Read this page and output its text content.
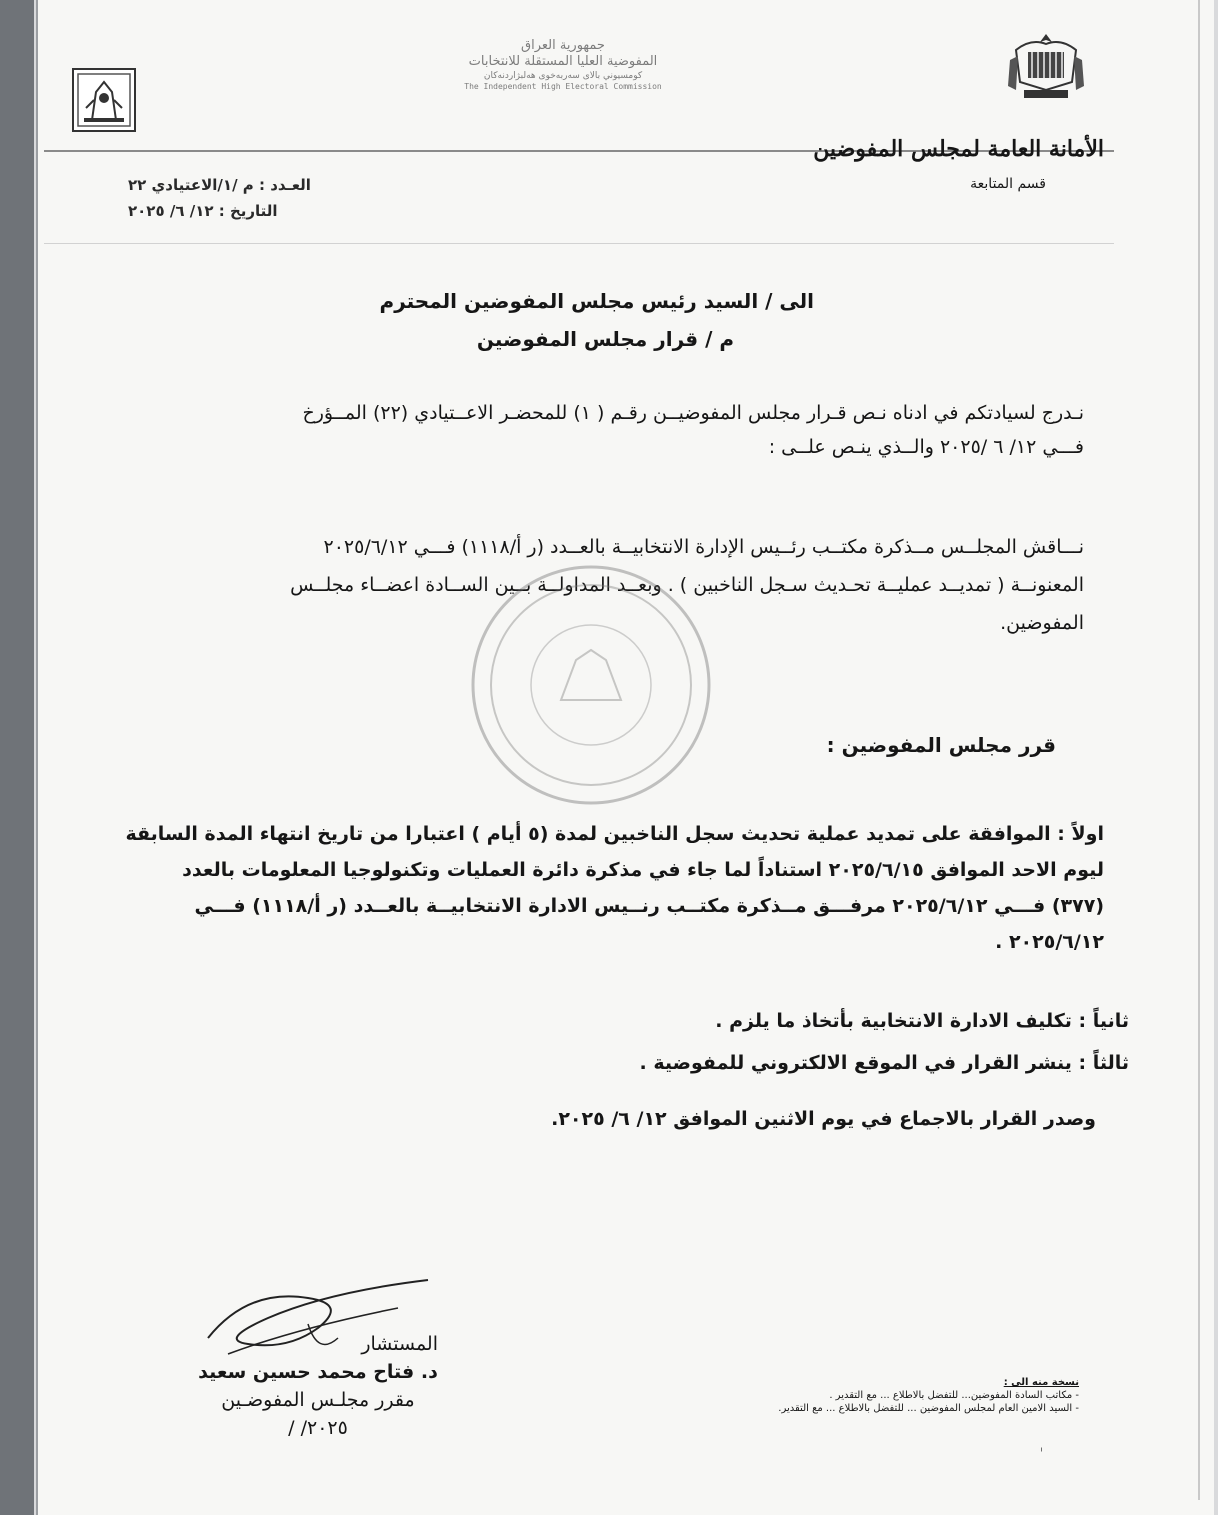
جمهورية العراق
المفوضية العليا المستقلة للانتخابات
كومسيوني بالاى سەربەخوى هەلبژاردنەكان
The Independent High Electoral Commission
الأمانة العامة لمجلس المفوضين
قسم المتابعة
العـدد : م /١/الاعتيادي ٢٢
التاريخ : ١٢/ ٦/ ٢٠٢٥
الى / السيد رئيس مجلس المفوضين المحترم
م / قرار مجلس المفوضين
نـدرج لسيادتكم في ادناه نـص قـرار مجلس المفوضيــن رقـم ( ١) للمحضـر الاعــتيادي (٢٢) المــؤرخ
فـــي ١٢/ ٦ /٢٠٢٥ والــذي ينـص علــى :
نـــاقش المجلــس مــذكرة مكتــب رئــيس الإدارة الانتخابيــة بالعــدد (ر أ/١١١٨) فـــي ٢٠٢٥/٦/١٢
المعنونــة ( تمديــد عمليــة تحـديث سـجل الناخبين ) . وبعــد المداولــة بــين الســادة اعضــاء مجلــس
المفوضين.
قرر مجلس المفوضين :
اولاً : الموافقة على تمديد عملية تحديث سجل الناخبين لمدة (٥ أيام ) اعتبارا من تاريخ انتهاء المدة السابقة
ليوم الاحد الموافق ٢٠٢٥/٦/١٥ استناداً لما جاء في مذكرة دائرة العمليات وتكنولوجيا المعلومات بالعدد
(٣٧٧) فـــي ٢٠٢٥/٦/١٢ مرفـــق مــذكرة مكتــب رنــيس الادارة الانتخابيــة بالعــدد (ر أ/١١١٨) فـــي
٢٠٢٥/٦/١٢ .
ثانياً : تكليف الادارة الانتخابية بأتخاذ ما يلزم .
ثالثاً : ينشر القرار في الموقع الالكتروني للمفوضية .
وصدر القرار بالاجماع في يوم الاثنين الموافق ١٢/ ٦/ ٢٠٢٥.
المستشار
د. فتاح محمد حسين سعيد
مقرر مجلـس المفوضـين
٢٠٢٥/ /
نسخة منه الى :
- مكاتب السادة المفوضين... للتفضل بالاطلاع ... مع التقدير .
- السيد الامين العام لمجلس المفوضين ... للتفضل بالاطلاع ... مع التقدير.
